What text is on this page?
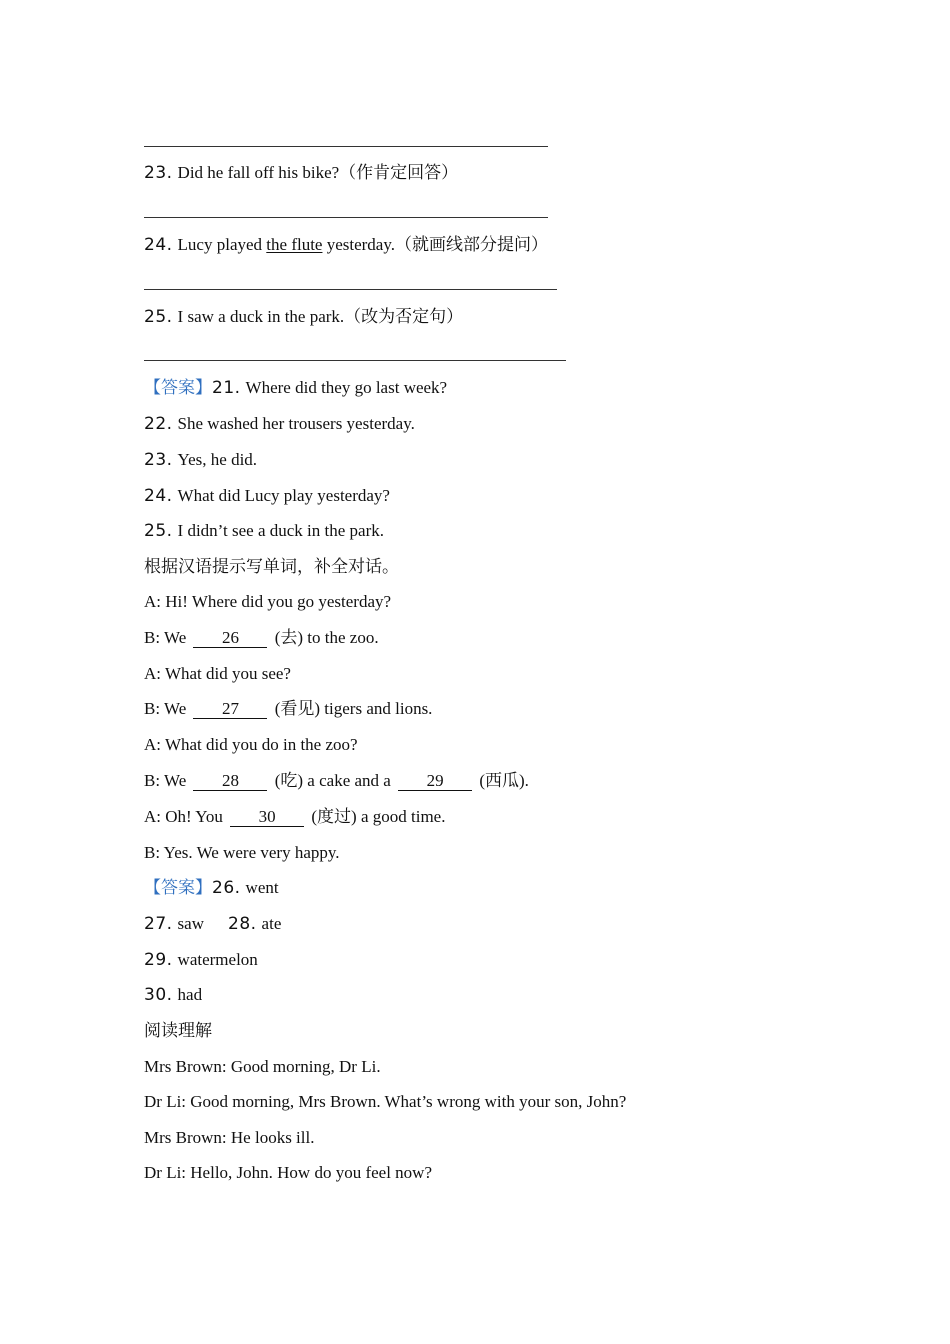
23. Did he fall off his bike?（作肯定回答）
24. Lucy played the flute yesterday.（就画线部分提问）
25. I saw a duck in the park.（改为否定句）
【答案】21. Where did they go last week?
22. She washed her trousers yesterday.
23. Yes, he did.
24. What did Lucy play yesterday?
25. I didn’t see a duck in the park.
根据汉语提示写单词，补全对话。
A: Hi! Where did you go yesterday?
B: We 26 (去) to the zoo.
A: What did you see?
B: We 27 (看见) tigers and lions.
A: What did you do in the zoo?
B: We 28 (吃) a cake and a 29 (西瓜).
A: Oh! You 30 (度过) a good time.
B: Yes. We were very happy.
【答案】26. went
27. saw 28. ate
29. watermelon
30. had
阅读理解
Mrs Brown: Good morning, Dr Li.
Dr Li: Good morning, Mrs Brown. What’s wrong with your son, John?
Mrs Brown: He looks ill.
Dr Li: Hello, John. How do you feel now?
